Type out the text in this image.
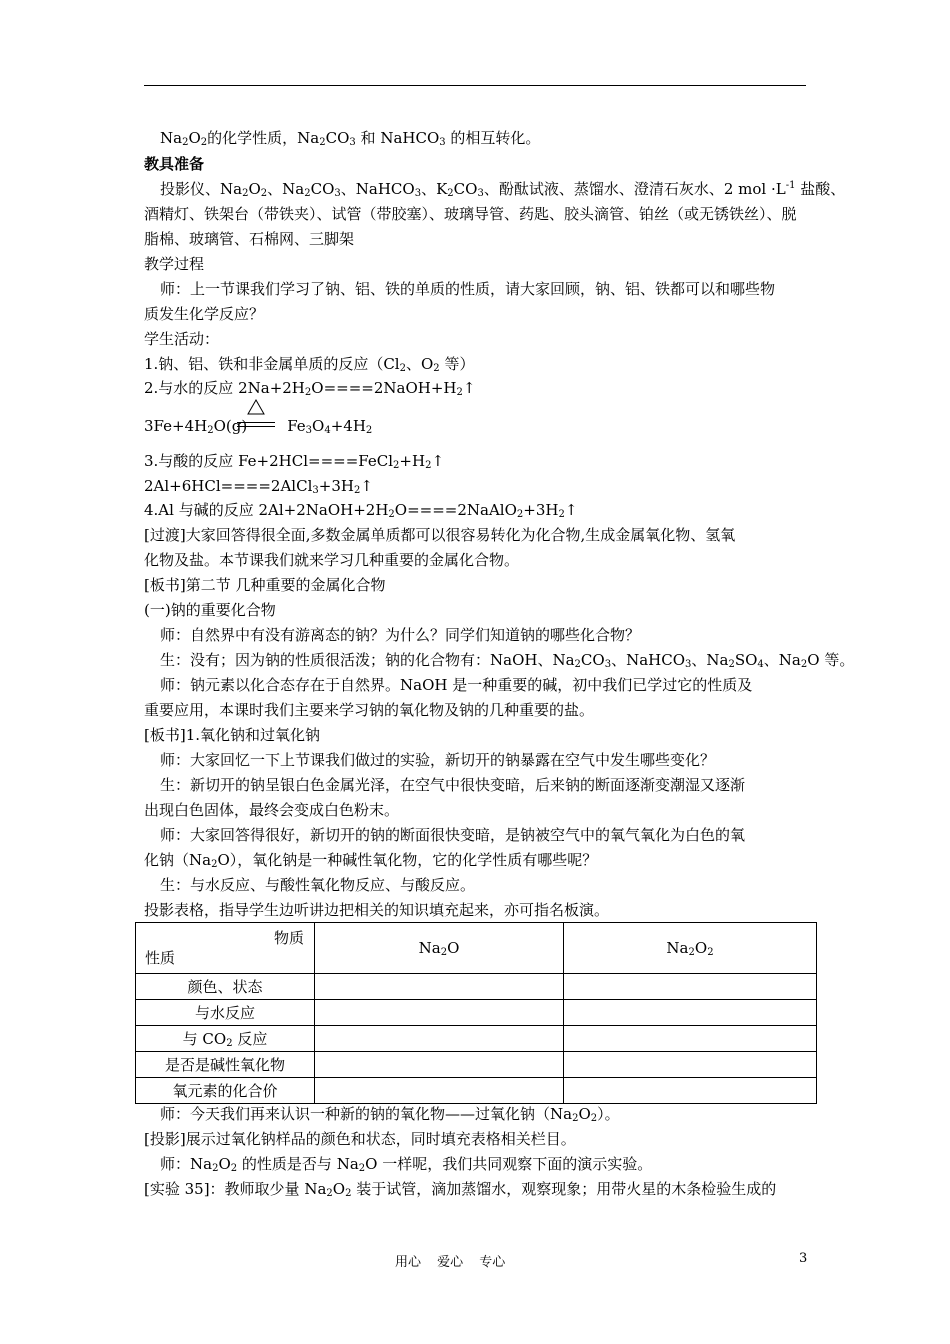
$Na_2O_2$的化学性质，$Na_2CO_3$ 和 NaHCO$_3$ 的相互转化。
教具准备
投影仪、$Na_2O_2$、$Na_2CO_3$、NaHCO$_3$、$K_2CO_3$、酚酞试液、蒸馏水、澄清石灰水、2 mol $\cdot L^{-1}$ 盐酸、
酒精灯、铁架台（带铁夹）、试管（带胶塞）、玻璃导管、药匙、胶头滴管、铂丝（或无锈铁丝）、脱
脂棉、玻璃管、石棉网、三脚架
教学过程
师：上一节课我们学习了钠、铝、铁的单质的性质，请大家回顾，钠、铝、铁都可以和哪些物
质发生化学反应？
学生活动：
1.钠、铝、铁和非金属单质的反应（$Cl_2$、$O_2$ 等）
2.与水的反应 $2Na+2H_2O====2NaOH+H_2↑$
$3Fe+4H_2O(g)$	$Fe_3O_4+4H_2$
3.与酸的反应 $Fe+2HCl====FeCl_2+H_2↑$
$2Al+6HCl====2AlCl_3+3H_2↑$
4.Al 与碱的反应 $2Al+2NaOH+2H_2O====2NaAlO_2+3H_2↑$
[过渡]大家回答得很全面,多数金属单质都可以很容易转化为化合物,生成金属氧化物、氢氧
化物及盐。本节课我们就来学习几种重要的金属化合物。
[板书]第二节 几种重要的金属化合物
(一)钠的重要化合物
师：自然界中有没有游离态的钠？为什么？同学们知道钠的哪些化合物？
生：没有；因为钠的性质很活泼；钠的化合物有：NaOH、$Na_2CO_3$、NaHCO$_3$、$Na_2SO_4$、$Na_2O$ 等。
师：钠元素以化合态存在于自然界。NaOH 是一种重要的碱，初中我们已学过它的性质及
重要应用，本课时我们主要来学习钠的氧化物及钠的几种重要的盐。
[板书]1.氧化钠和过氧化钠
师：大家回忆一下上节课我们做过的实验，新切开的钠暴露在空气中发生哪些变化？
生：新切开的钠呈银白色金属光泽，在空气中很快变暗，后来钠的断面逐渐变潮湿又逐渐
出现白色固体，最终会变成白色粉末。
师：大家回答得很好，新切开的钠的断面很快变暗，是钠被空气中的氧气氧化为白色的氧
化钠$(Na_2O)$，氧化钠是一种碱性氧化物，它的化学性质有哪些呢？
生：与水反应、与酸性氧化物反应、与酸反应。
投影表格，指导学生边听讲边把相关的知识填充起来，亦可指名板演。
物质
性质	$Na_2O$	$Na_2O_2$
颜色、状态		
与水反应		
与 $CO_2$ 反应		
是否是碱性氧化物		
氧元素的化合价		
师：今天我们再来认识一种新的钠的氧化物——过氧化钠$(Na_2O_2)$。
[投影]展示过氧化钠样品的颜色和状态，同时填充表格相关栏目。
师：$Na_2O_2$ 的性质是否与 $Na_2O$ 一样呢，我们共同观察下面的演示实验。
[实验 35]：教师取少量 $Na_2O_2$ 装于试管，滴加蒸馏水，观察现象；用带火星的木条检验生成的
用心 爱心 专心	3
